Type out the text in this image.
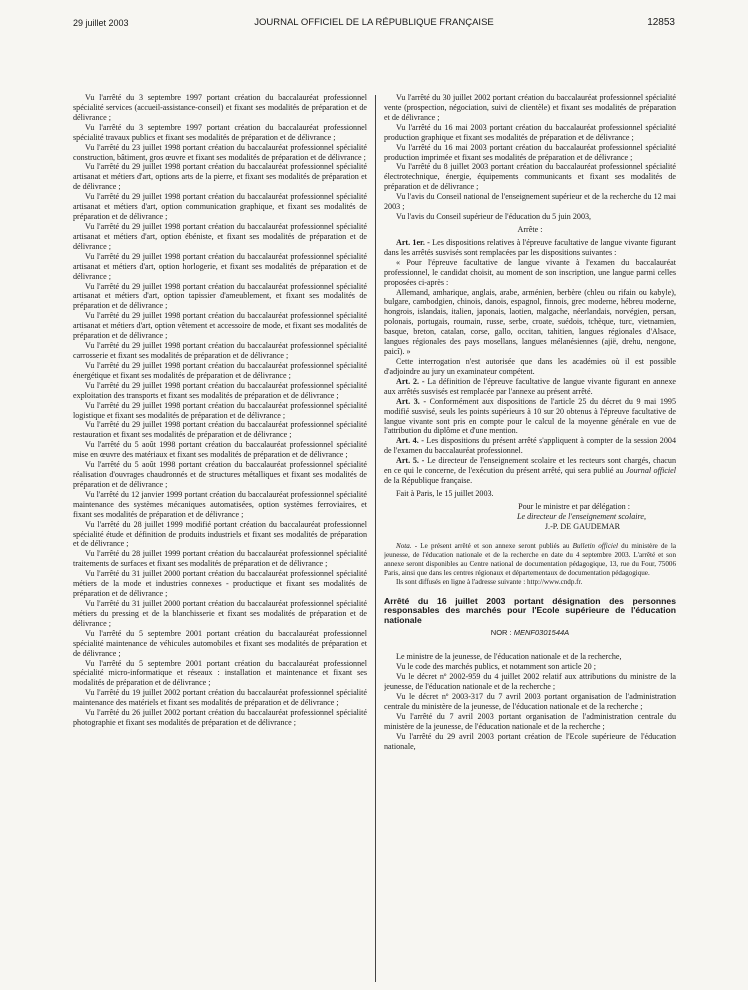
29 juillet 2003	JOURNAL OFFICIEL DE LA RÉPUBLIQUE FRANÇAISE	12853

Vu l'arrêté du 3 septembre 1997 portant création du baccalauréat professionnel spécialité services (accueil-assistance-conseil) et fixant ses modalités de préparation et de délivrance ;

Vu l'arrêté du 3 septembre 1997 portant création du baccalauréat professionnel spécialité travaux publics et fixant ses modalités de préparation et de délivrance ;

Vu l'arrêté du 23 juillet 1998 portant création du baccalauréat professionnel spécialité construction, bâtiment, gros œuvre et fixant ses modalités de préparation et de délivrance ;

Vu l'arrêté du 29 juillet 1998 portant création du baccalauréat professionnel spécialité artisanat et métiers d'art, options arts de la pierre, et fixant ses modalités de préparation et de délivrance ;

Vu l'arrêté du 29 juillet 1998 portant création du baccalauréat professionnel spécialité artisanat et métiers d'art, option communication graphique, et fixant ses modalités de préparation et de délivrance ;

Vu l'arrêté du 29 juillet 1998 portant création du baccalauréat professionnel spécialité artisanat et métiers d'art, option ébéniste, et fixant ses modalités de préparation et de délivrance ;

Vu l'arrêté du 29 juillet 1998 portant création du baccalauréat professionnel spécialité artisanat et métiers d'art, option horlogerie, et fixant ses modalités de préparation et de délivrance ;

Vu l'arrêté du 29 juillet 1998 portant création du baccalauréat professionnel spécialité artisanat et métiers d'art, option tapissier d'ameublement, et fixant ses modalités de préparation et de délivrance ;

Vu l'arrêté du 29 juillet 1998 portant création du baccalauréat professionnel spécialité artisanat et métiers d'art, option vêtement et accessoire de mode, et fixant ses modalités de préparation et de délivrance ;

Vu l'arrêté du 29 juillet 1998 portant création du baccalauréat professionnel spécialité carrosserie et fixant ses modalités de préparation et de délivrance ;

Vu l'arrêté du 29 juillet 1998 portant création du baccalauréat professionnel spécialité énergétique et fixant ses modalités de préparation et de délivrance ;

Vu l'arrêté du 29 juillet 1998 portant création du baccalauréat professionnel spécialité exploitation des transports et fixant ses modalités de préparation et de délivrance ;

Vu l'arrêté du 29 juillet 1998 portant création du baccalauréat professionnel spécialité logistique et fixant ses modalités de préparation et de délivrance ;

Vu l'arrêté du 29 juillet 1998 portant création du baccalauréat professionnel spécialité restauration et fixant ses modalités de préparation et de délivrance ;

Vu l'arrêté du 5 août 1998 portant création du baccalauréat professionnel spécialité mise en œuvre des matériaux et fixant ses modalités de préparation et de délivrance ;

Vu l'arrêté du 5 août 1998 portant création du baccalauréat professionnel spécialité réalisation d'ouvrages chaudronnés et de structures métalliques et fixant ses modalités de préparation et de délivrance ;

Vu l'arrêté du 12 janvier 1999 portant création du baccalauréat professionnel spécialité maintenance des systèmes mécaniques automatisées, option systèmes ferroviaires, et fixant ses modalités de préparation et de délivrance ;

Vu l'arrêté du 28 juillet 1999 modifié portant création du baccalauréat professionnel spécialité étude et définition de produits industriels et fixant ses modalités de préparation et de délivrance ;

Vu l'arrêté du 28 juillet 1999 portant création du baccalauréat professionnel spécialité traitements de surfaces et fixant ses modalités de préparation et de délivrance ;

Vu l'arrêté du 31 juillet 2000 portant création du baccalauréat professionnel spécialité métiers de la mode et industries connexes - productique et fixant ses modalités de préparation et de délivrance ;

Vu l'arrêté du 31 juillet 2000 portant création du baccalauréat professionnel spécialité métiers du pressing et de la blanchisserie et fixant ses modalités de préparation et de délivrance ;

Vu l'arrêté du 5 septembre 2001 portant création du baccalauréat professionnel spécialité maintenance de véhicules automobiles et fixant ses modalités de préparation et de délivrance ;

Vu l'arrêté du 5 septembre 2001 portant création du baccalauréat professionnel spécialité micro-informatique et réseaux : installation et maintenance et fixant ses modalités de préparation et de délivrance ;

Vu l'arrêté du 19 juillet 2002 portant création du baccalauréat professionnel spécialité maintenance des matériels et fixant ses modalités de préparation et de délivrance ;

Vu l'arrêté du 26 juillet 2002 portant création du baccalauréat professionnel spécialité photographie et fixant ses modalités de préparation et de délivrance ;

Vu l'arrêté du 30 juillet 2002 portant création du baccalauréat professionnel spécialité vente (prospection, négociation, suivi de clientèle) et fixant ses modalités de préparation et de délivrance ;

Vu l'arrêté du 16 mai 2003 portant création du baccalauréat professionnel spécialité production graphique et fixant ses modalités de préparation et de délivrance ;

Vu l'arrêté du 16 mai 2003 portant création du baccalauréat professionnel spécialité production imprimée et fixant ses modalités de préparation et de délivrance ;

Vu l'arrêté du 8 juillet 2003 portant création du baccalauréat professionnel spécialité électrotechnique, énergie, équipements communicants et fixant ses modalités de préparation et de délivrance ;

Vu l'avis du Conseil national de l'enseignement supérieur et de la recherche du 12 mai 2003 ;

Vu l'avis du Conseil supérieur de l'éducation du 5 juin 2003,

Arrête :

Art. 1er. - Les dispositions relatives à l'épreuve facultative de langue vivante figurant dans les arrêtés susvisés sont remplacées par les dispositions suivantes :

« Pour l'épreuve facultative de langue vivante à l'examen du baccalauréat professionnel, le candidat choisit, au moment de son inscription, une langue parmi celles proposées ci-après :

Allemand, amharique, anglais, arabe, arménien, berbère (chleu ou rifain ou kabyle), bulgare, cambodgien, chinois, danois, espagnol, finnois, grec moderne, hébreu moderne, hongrois, islandais, italien, japonais, laotien, malgache, néerlandais, norvégien, persan, polonais, portugais, roumain, russe, serbe, croate, suédois, tchèque, turc, vietnamien, basque, breton, catalan, corse, gallo, occitan, tahitien, langues régionales d'Alsace, langues régionales des pays mosellans, langues mélanésiennes (ajië, drehu, nengone, paicî). »

Cette interrogation n'est autorisée que dans les académies où il est possible d'adjoindre au jury un examinateur compétent.

Art. 2. - La définition de l'épreuve facultative de langue vivante figurant en annexe aux arrêtés susvisés est remplacée par l'annexe au présent arrêté.

Art. 3. - Conformément aux dispositions de l'article 25 du décret du 9 mai 1995 modifié susvisé, seuls les points supérieurs à 10 sur 20 obtenus à l'épreuve facultative de langue vivante sont pris en compte pour le calcul de la moyenne générale en vue de l'attribution du diplôme et d'une mention.

Art. 4. - Les dispositions du présent arrêté s'appliquent à compter de la session 2004 de l'examen du baccalauréat professionnel.

Art. 5. - Le directeur de l'enseignement scolaire et les recteurs sont chargés, chacun en ce qui le concerne, de l'exécution du présent arrêté, qui sera publié au Journal officiel de la République française.

Fait à Paris, le 15 juillet 2003.

Pour le ministre et par délégation :

Le directeur de l'enseignement scolaire,

J.-P. DE GAUDEMAR

Nota. - Le présent arrêté et son annexe seront publiés au Bulletin officiel du ministère de la jeunesse, de l'éducation nationale et de la recherche en date du 4 septembre 2003. L'arrêté et son annexe seront disponibles au Centre national de documentation pédagogique, 13, rue du Four, 75006 Paris, ainsi que dans les centres régionaux et départementaux de documentation pédagogique.

Ils sont diffusés en ligne à l'adresse suivante : http://www.cndp.fr.

Arrêté du 16 juillet 2003 portant désignation des personnes responsables des marchés pour l'Ecole supérieure de l'éducation nationale
NOR : MENF0301544A

Le ministre de la jeunesse, de l'éducation nationale et de la recherche,

Vu le code des marchés publics, et notamment son article 20 ;

Vu le décret nº 2002-959 du 4 juillet 2002 relatif aux attributions du ministre de la jeunesse, de l'éducation nationale et de la recherche ;

Vu le décret nº 2003-317 du 7 avril 2003 portant organisation de l'administration centrale du ministère de la jeunesse, de l'éducation nationale et de la recherche ;

Vu l'arrêté du 7 avril 2003 portant organisation de l'administration centrale du ministère de la jeunesse, de l'éducation nationale et de la recherche ;

Vu l'arrêté du 29 avril 2003 portant création de l'Ecole supérieure de l'éducation nationale,
